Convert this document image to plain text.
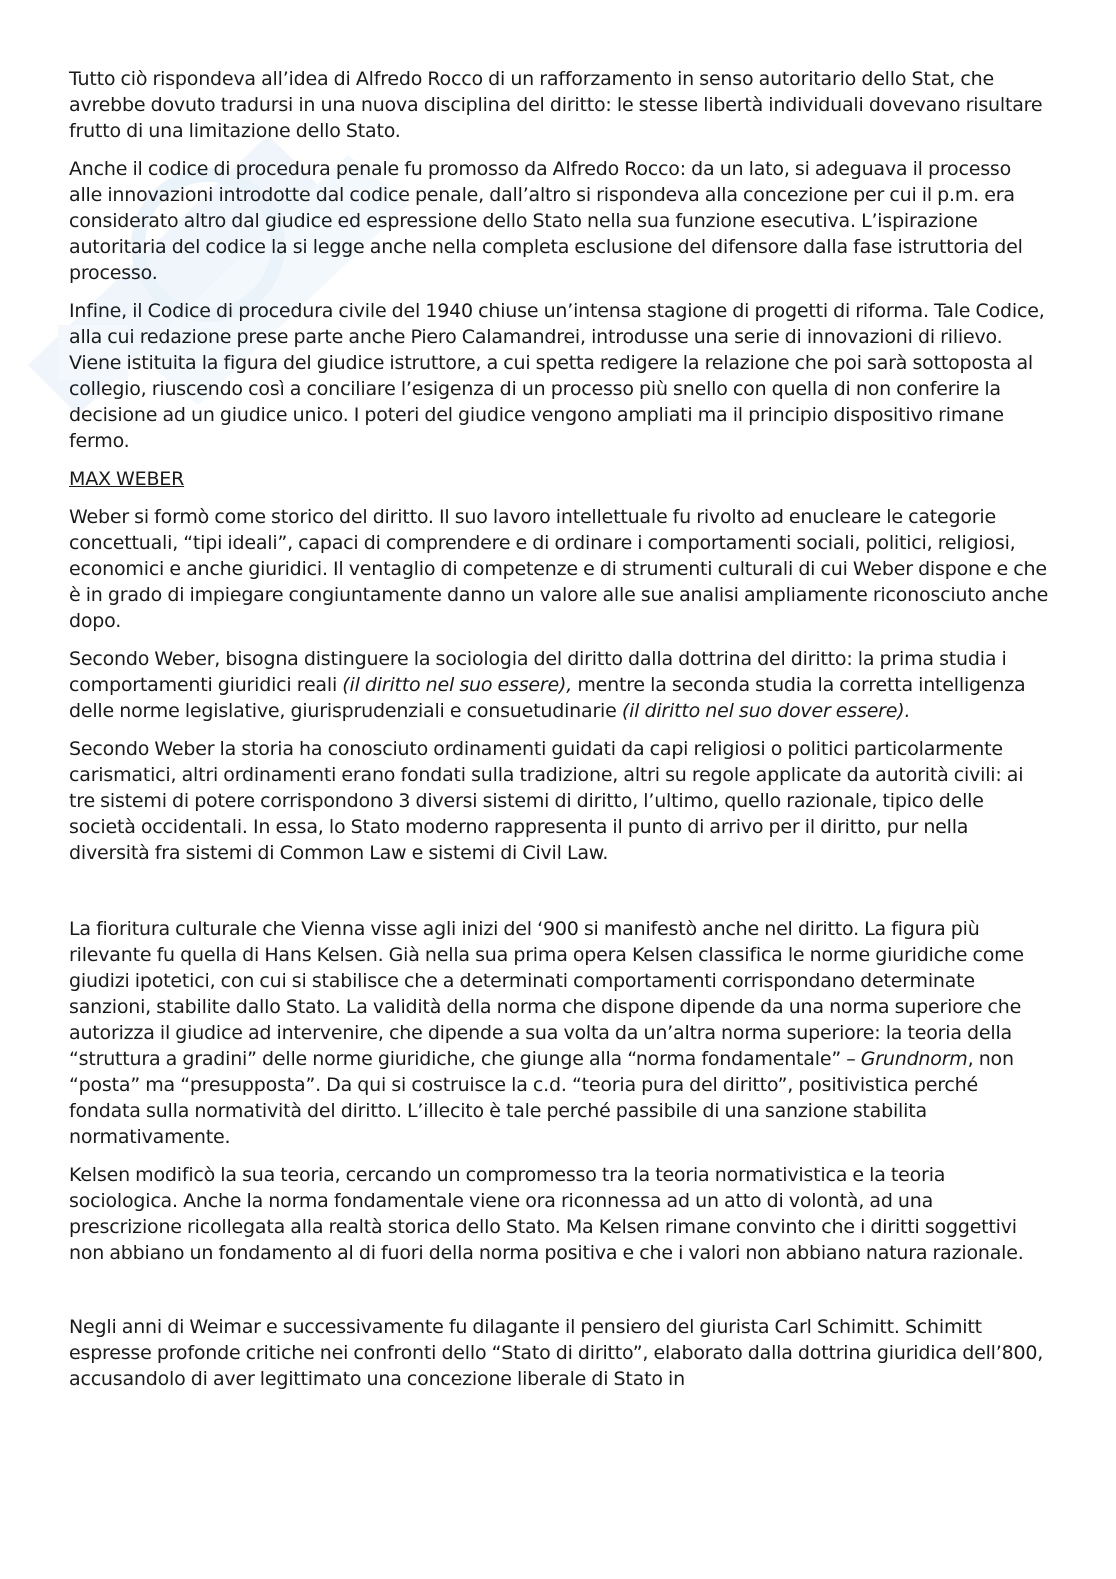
Tutto ciò rispondeva all’idea di Alfredo Rocco di un rafforzamento in senso autoritario dello Stat, che avrebbe dovuto tradursi in una nuova disciplina del diritto: le stesse libertà individuali dovevano risultare frutto di una limitazione dello Stato.

Anche il codice di procedura penale fu promosso da Alfredo Rocco: da un lato, si adeguava il processo alle innovazioni introdotte dal codice penale, dall’altro si rispondeva alla concezione per cui il p.m. era considerato altro dal giudice ed espressione dello Stato nella sua funzione esecutiva. L’ispirazione autoritaria del codice la si legge anche nella completa esclusione del difensore dalla fase istruttoria del processo.

Infine, il Codice di procedura civile del 1940 chiuse un’intensa stagione di progetti di riforma. Tale Codice, alla cui redazione prese parte anche Piero Calamandrei, introdusse una serie di innovazioni di rilievo. Viene istituita la figura del giudice istruttore, a cui spetta redigere la relazione che poi sarà sottoposta al collegio, riuscendo così a conciliare l’esigenza di un processo più snello con quella di non conferire la decisione ad un giudice unico. I poteri del giudice vengono ampliati ma il principio dispositivo rimane fermo.

MAX WEBER

Weber si formò come storico del diritto. Il suo lavoro intellettuale fu rivolto ad enucleare le categorie concettuali, “tipi ideali”, capaci di comprendere e di ordinare i comportamenti sociali, politici, religiosi, economici e anche giuridici. Il ventaglio di competenze e di strumenti culturali di cui Weber dispone e che è in grado di impiegare congiuntamente danno un valore alle sue analisi ampliamente riconosciuto anche dopo.

Secondo Weber, bisogna distinguere la sociologia del diritto dalla dottrina del diritto: la prima studia i comportamenti giuridici reali (il diritto nel suo essere), mentre la seconda studia la corretta intelligenza delle norme legislative, giurisprudenziali e consuetudinarie (il diritto nel suo dover essere).

Secondo Weber la storia ha conosciuto ordinamenti guidati da capi religiosi o politici particolarmente carismatici, altri ordinamenti erano fondati sulla tradizione, altri su regole applicate da autorità civili: ai tre sistemi di potere corrispondono 3 diversi sistemi di diritto, l’ultimo, quello razionale, tipico delle società occidentali. In essa, lo Stato moderno rappresenta il punto di arrivo per il diritto, pur nella diversità fra sistemi di Common Law e sistemi di Civil Law.

La fioritura culturale che Vienna visse agli inizi del ‘900 si manifestò anche nel diritto. La figura più rilevante fu quella di Hans Kelsen. Già nella sua prima opera Kelsen classifica le norme giuridiche come giudizi ipotetici, con cui si stabilisce che a determinati comportamenti corrispondano determinate sanzioni, stabilite dallo Stato. La validità della norma che dispone dipende da una norma superiore che autorizza il giudice ad intervenire, che dipende a sua volta da un’altra norma superiore: la teoria della “struttura a gradini” delle norme giuridiche, che giunge alla “norma fondamentale” – Grundnorm, non “posta” ma “presupposta”. Da qui si costruisce la c.d. “teoria pura del diritto”, positivistica perché fondata sulla normatività del diritto. L’illecito è tale perché passibile di una sanzione stabilita normativamente.

Kelsen modificò la sua teoria, cercando un compromesso tra la teoria normativistica e la teoria sociologica. Anche la norma fondamentale viene ora riconnessa ad un atto di volontà, ad una prescrizione ricollegata alla realtà storica dello Stato. Ma Kelsen rimane convinto che i diritti soggettivi non abbiano un fondamento al di fuori della norma positiva e che i valori non abbiano natura razionale.

Negli anni di Weimar e successivamente fu dilagante il pensiero del giurista Carl Schimitt. Schimitt espresse profonde critiche nei confronti dello “Stato di diritto”, elaborato dalla dottrina giuridica dell’800, accusandolo di aver legittimato una concezione liberale di Stato in
